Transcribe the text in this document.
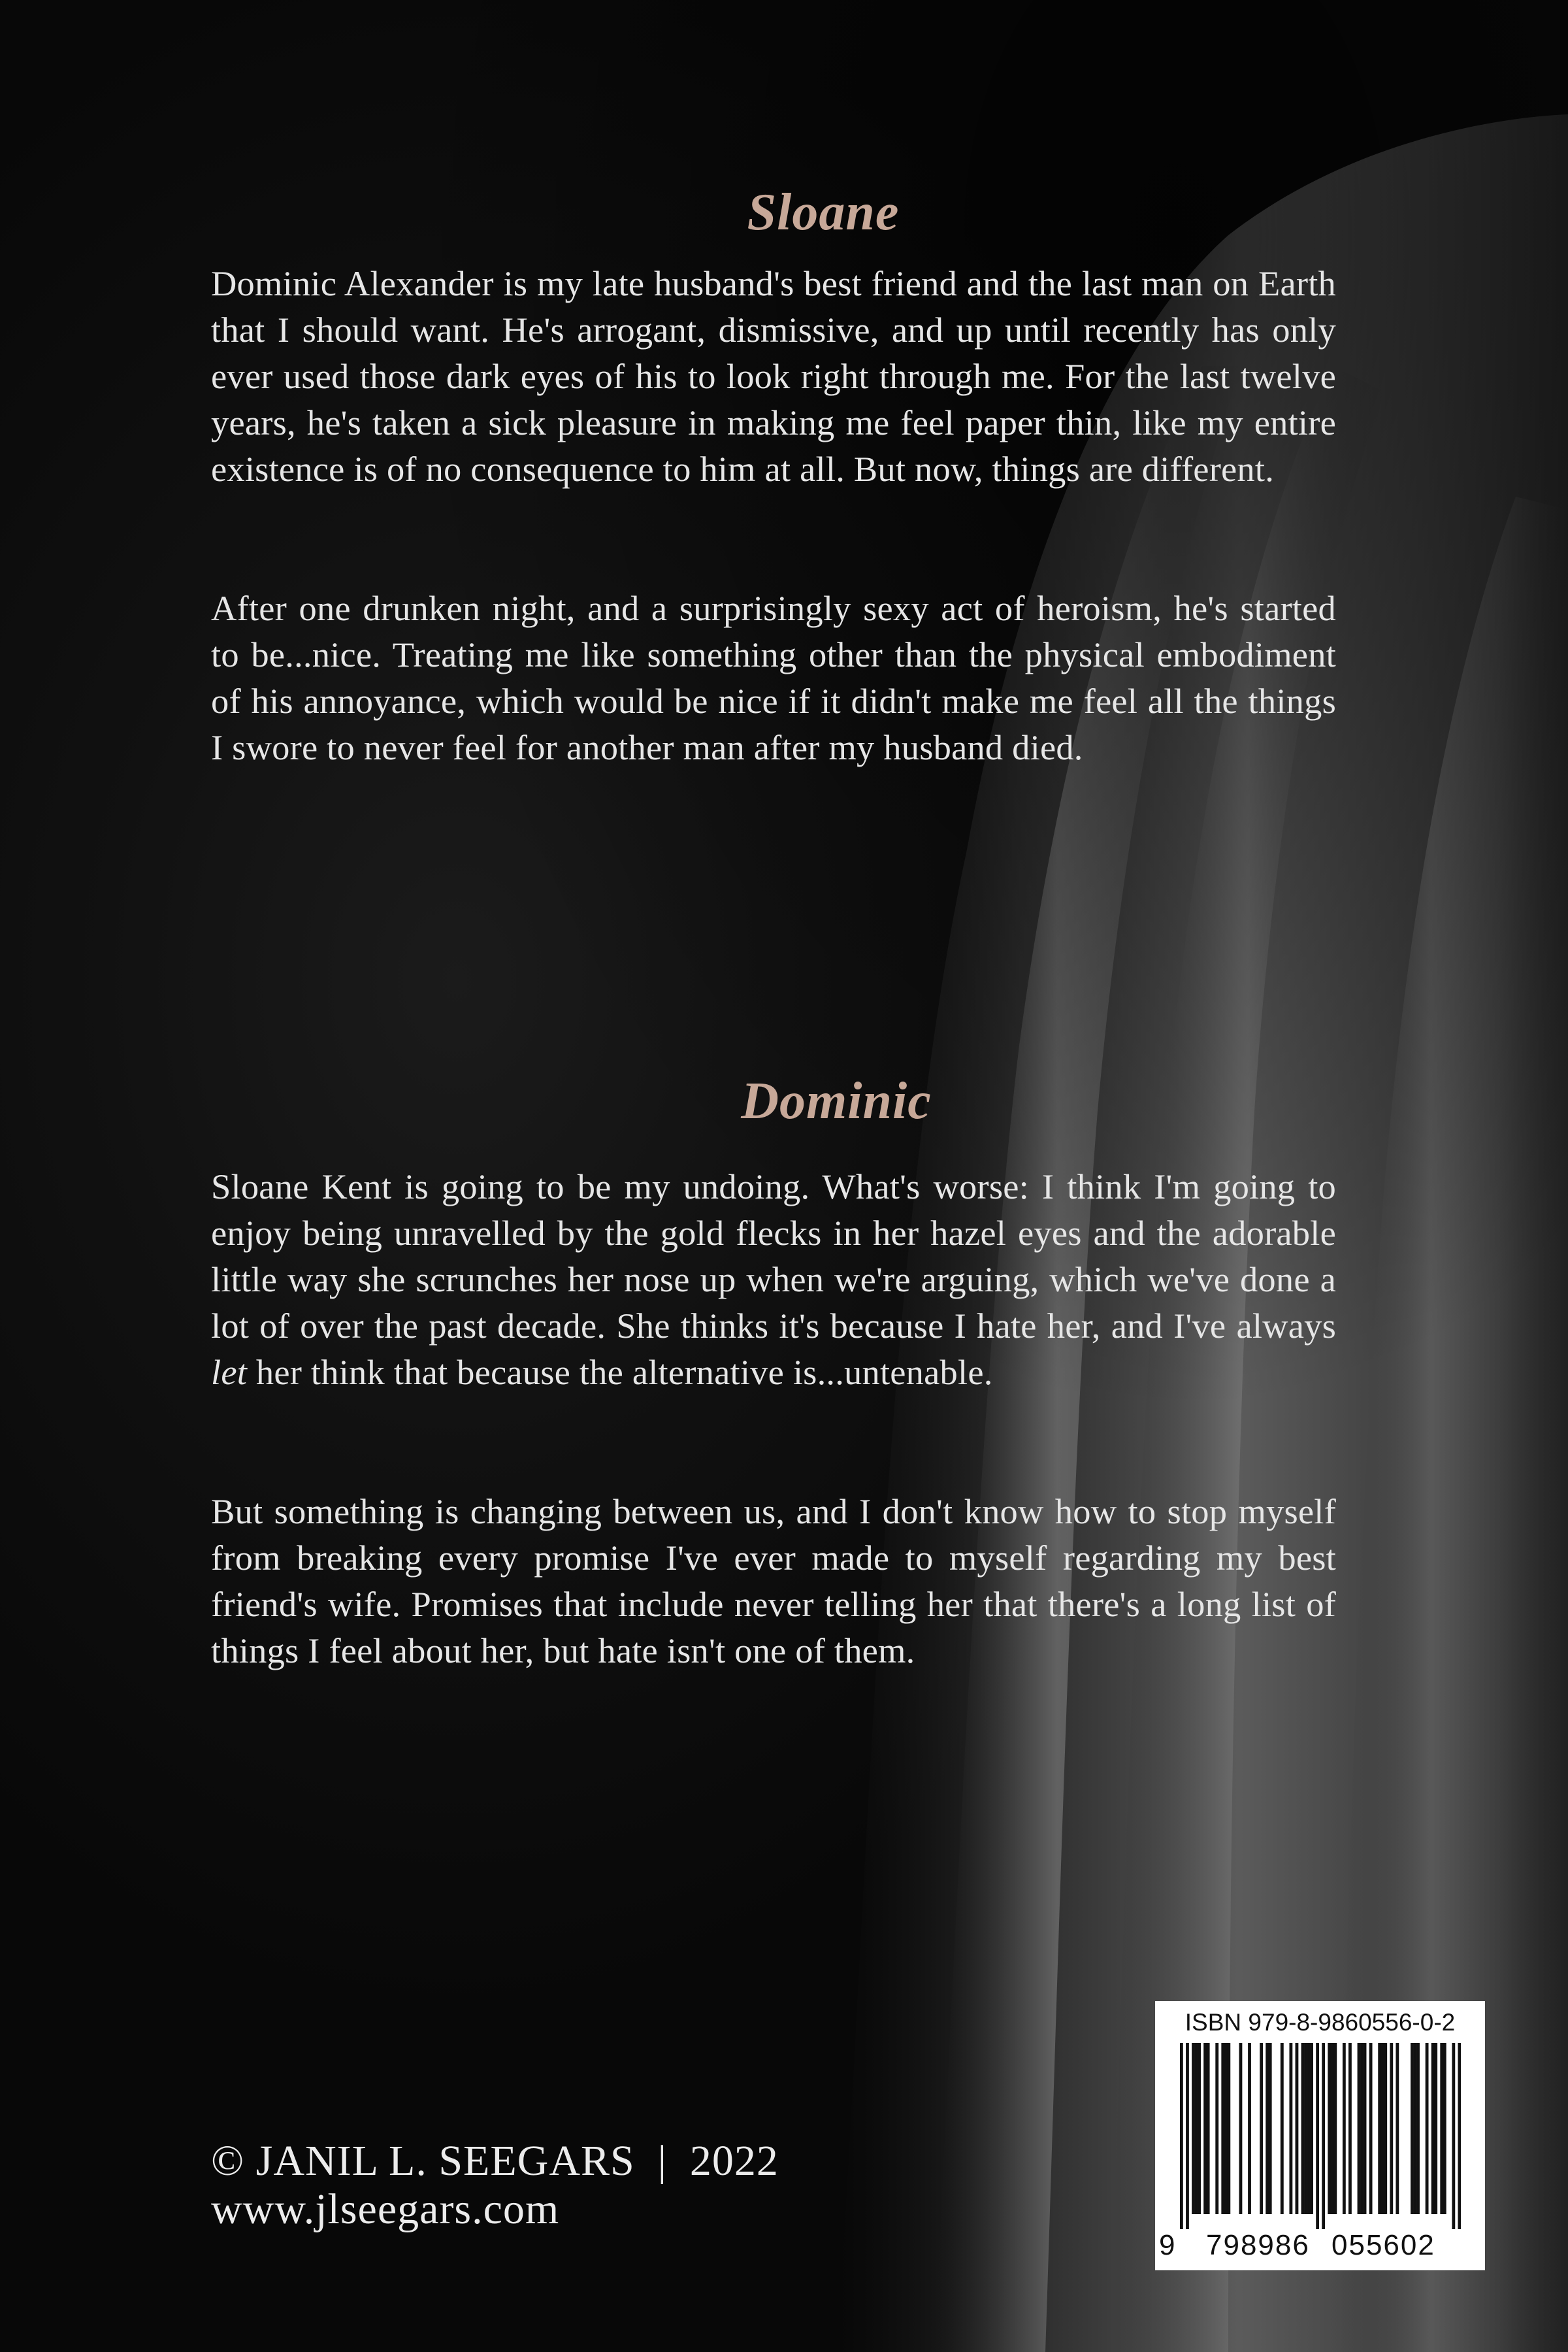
Sloane

Dominic Alexander is my late husband's best friend and the last man on Earth that I should want. He's arrogant, dismissive, and up until recently has only ever used those dark eyes of his to look right through me. For the last twelve years, he's taken a sick pleasure in making me feel paper thin, like my entire existence is of no consequence to him at all. But now, things are different.

After one drunken night, and a surprisingly sexy act of heroism, he's started to be...nice. Treating me like something other than the physical embodiment of his annoyance, which would be nice if it didn't make me feel all the things I swore to never feel for another man after my husband died.

Dominic

Sloane Kent is going to be my undoing. What's worse: I think I'm going to enjoy being unravelled by the gold flecks in her hazel eyes and the adorable little way she scrunches her nose up when we're arguing, which we've done a lot of over the past decade. She thinks it's because I hate her, and I've always let her think that because the alternative is...untenable.

But something is changing between us, and I don't know how to stop myself from breaking every promise I've ever made to myself regarding my best friend's wife. Promises that include never telling her that there's a long list of things I feel about her, but hate isn't one of them.

© JANIL L. SEEGARS  |  2022
www.jlseegars.com
ISBN 979-8-9860556-0-2
9 798986 055602
